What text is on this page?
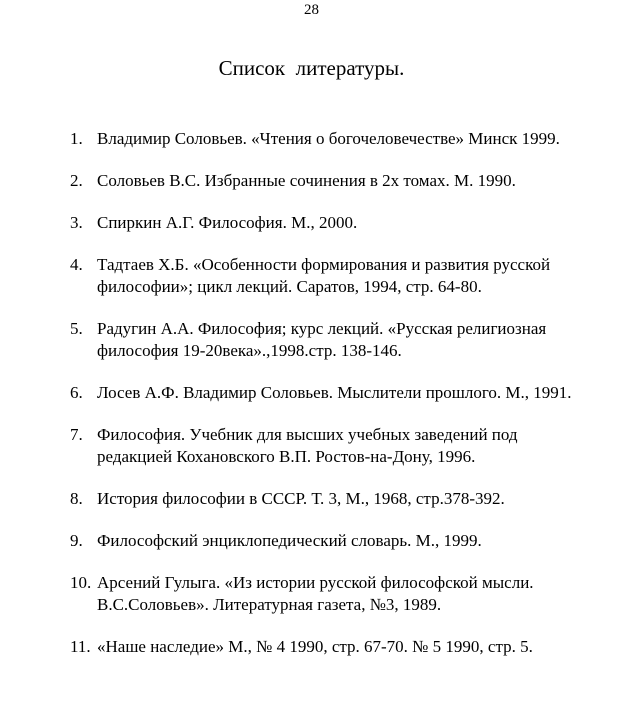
28
Список  литературы.
1. Владимир Соловьев. «Чтения о богочеловечестве» Минск 1999.
2. Соловьев В.С. Избранные сочинения в 2х томах. М. 1990.
3. Спиркин А.Г. Философия. М., 2000.
4. Тадтаев Х.Б. «Особенности формирования и развития русской
философии»; цикл лекций. Саратов, 1994, стр. 64-80.
5. Радугин А.А. Философия; курс лекций. «Русская религиозная
философия 19-20века».,1998.стр. 138-146.
6. Лосев А.Ф. Владимир Соловьев. Мыслители прошлого. М., 1991.
7. Философия. Учебник для высших учебных заведений под
редакцией Кохановского В.П. Ростов-на-Дону, 1996.
8. История философии в СССР. Т. 3, М., 1968, стр.378-392.
9. Философский энциклопедический словарь. М., 1999.
10. Арсений Гулыга. «Из истории русской философской мысли.
В.С.Соловьев». Литературная газета, №3, 1989.
11. «Наше наследие» М., № 4 1990, стр. 67-70. № 5 1990, стр. 5.
